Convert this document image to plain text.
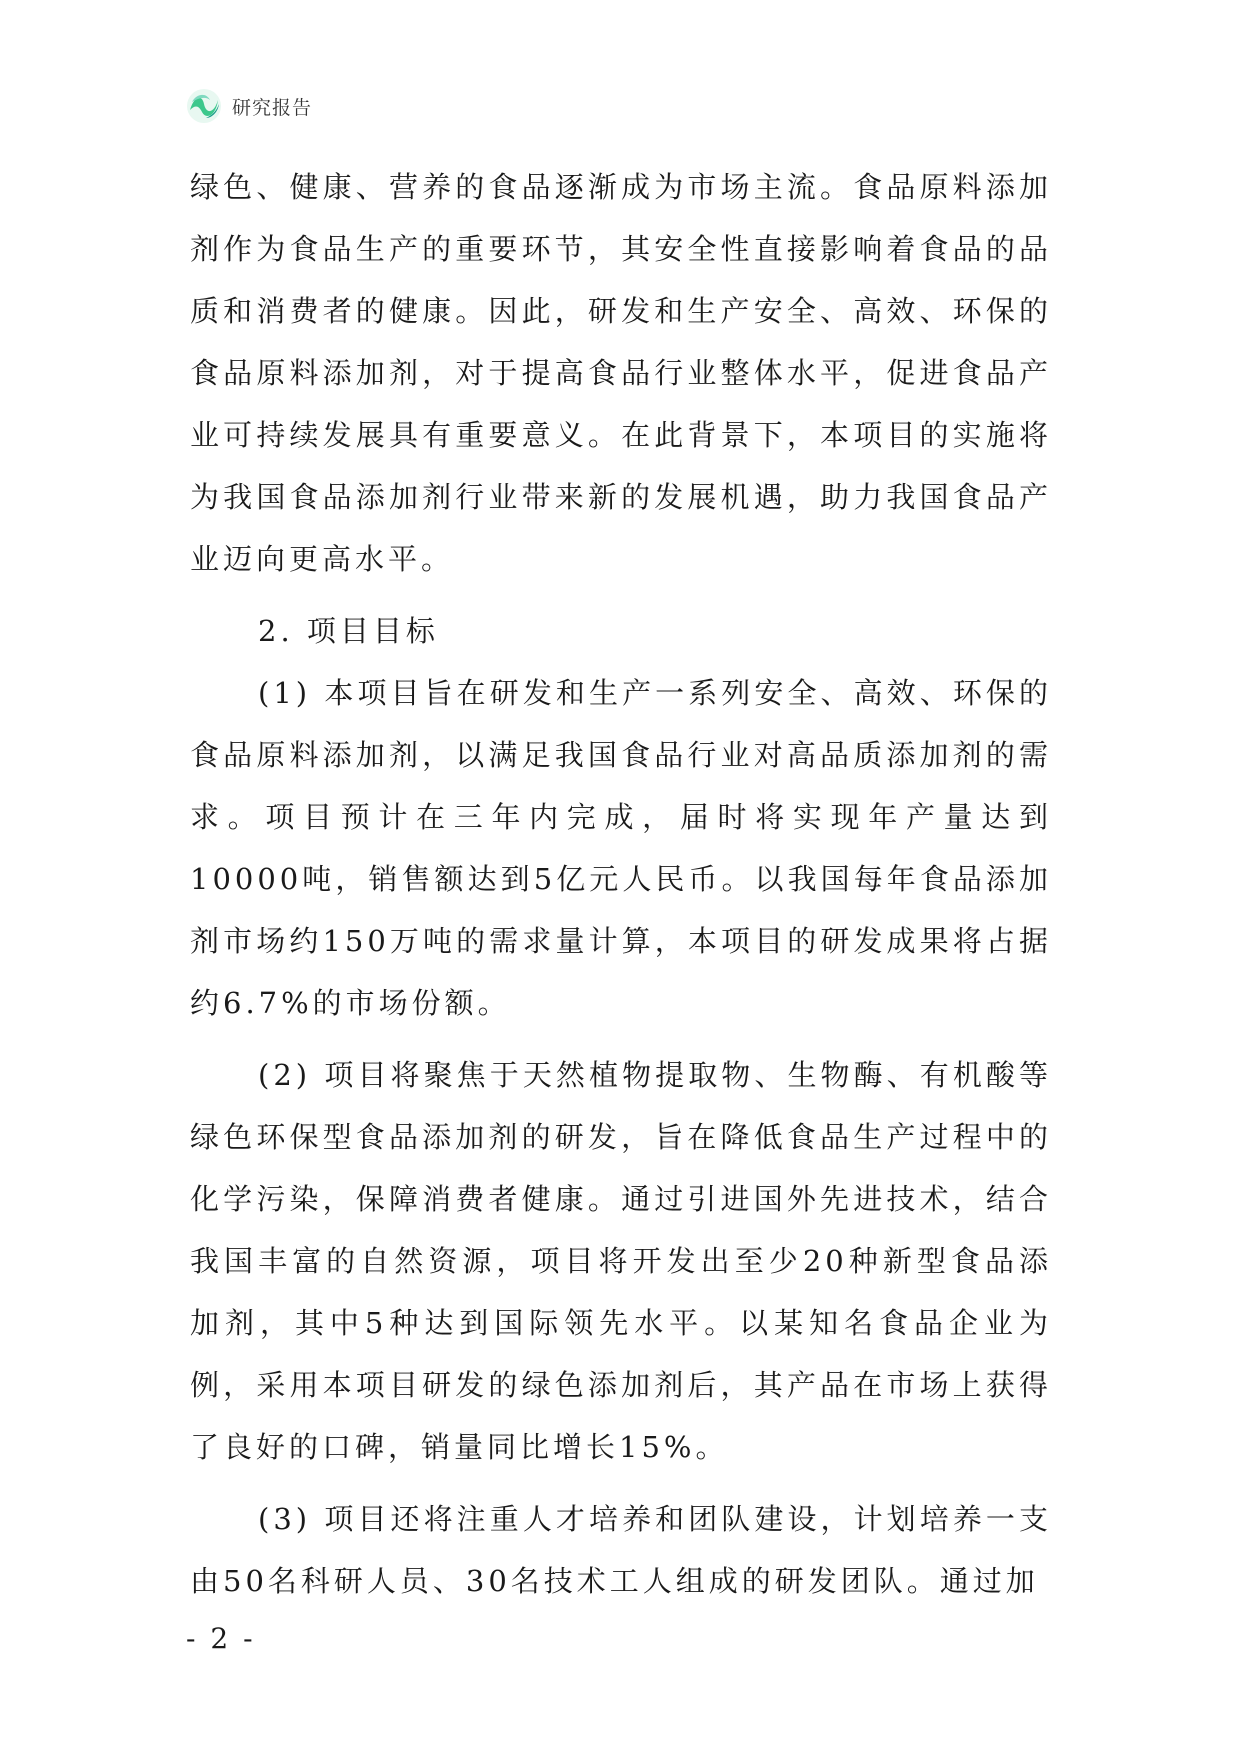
研究报告

绿色、健康、营养的食品逐渐成为市场主流。食品原料添加剂作为食品生产的重要环节，其安全性直接影响着食品的品质和消费者的健康。因此，研发和生产安全、高效、环保的食品原料添加剂，对于提高食品行业整体水平，促进食品产业可持续发展具有重要意义。在此背景下，本项目的实施将为我国食品添加剂行业带来新的发展机遇，助力我国食品产业迈向更高水平。

2. 项目目标

(1) 本项目旨在研发和生产一系列安全、高效、环保的食品原料添加剂，以满足我国食品行业对高品质添加剂的需求。项目预计在三年内完成，届时将实现年产量达到10000吨，销售额达到5亿元人民币。以我国每年食品添加剂市场约150万吨的需求量计算，本项目的研发成果将占据约6.7%的市场份额。

(2) 项目将聚焦于天然植物提取物、生物酶、有机酸等绿色环保型食品添加剂的研发，旨在降低食品生产过程中的化学污染，保障消费者健康。通过引进国外先进技术，结合我国丰富的自然资源，项目将开发出至少20种新型食品添加剂，其中5种达到国际领先水平。以某知名食品企业为例，采用本项目研发的绿色添加剂后，其产品在市场上获得了良好的口碑，销量同比增长15%。

(3) 项目还将注重人才培养和团队建设，计划培养一支由50名科研人员、30名技术工人组成的研发团队。通过加

- 2 -
